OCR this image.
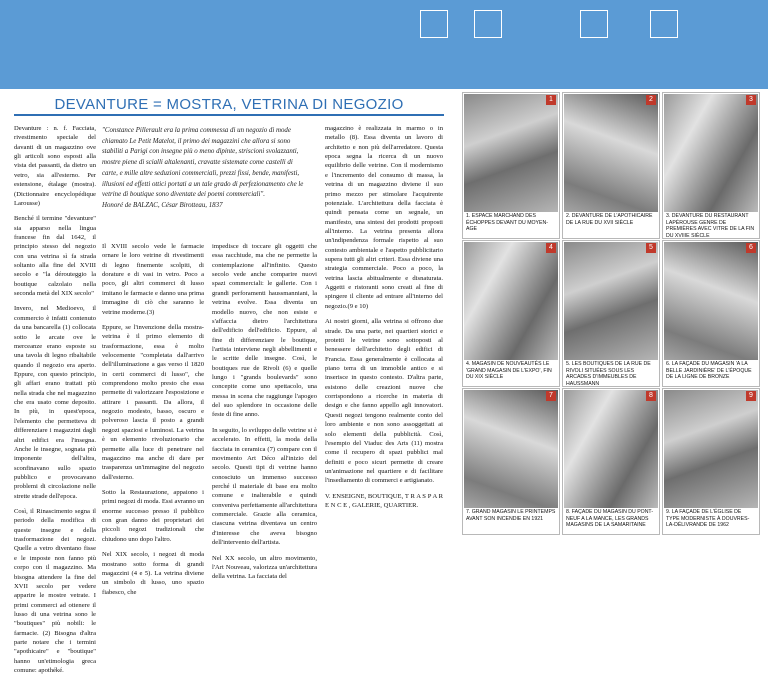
DEVANTURE = MOSTRA, VETRINA DI NEGOZIO

Devanture : n. f. Facciata, rivestimento speciale del davanti di un magazzino ove gli articoli sono esposti alla vista dei passanti, da dietro un vetro, sia all'esterno. Per estensione, étalage (mostra). (Dictionnaire encyclopédique Larousse)

Benché il termine "devanture" sia apparso nella lingua francese fin dal 1642, il principio stesso del negozio con una vetrina sì fa strada soltanto alla fine del XVIII secolo e "la dérouteggio la boutique calzolaio nella seconda metà del XIX secolo"

Invero, nel Medioevo, il commercio è infatti contenuto da una bancarella (1) collocata sotto le arcate ove le merceanze erano esposte su una tavola di legno ribaltabile quando il negozio era aperto. Eppure, con questo principio, gli affari erano trattati più nella strada che nel magazzino che era usato come deposito. In più, in quest'epoca, l'elemento che permetteva di differenziare i magazzini dagli altri edifici era l'insegna. Anche le insegne, sognata più imponente dell'altra, sconfinavano sullo spazio pubblico e provocavano problemi di circolazione nelle strette strade dell'epoca.

Così, il Rinascimento segna il periodo della modifica di queste insegne e della trasformazione dei negozi. Quelle a vetro diventano fisse e le imposte non fanno più corpo con il magazzino. Ma bisogna attendere la fine del XVII secolo per vedere apparire le mostre vetrate. I primi commerci ad ottenere il lusso di una vetrina sono le "boutiques" più nobili: le farmacie. (2) Bisogna d'altra parte notare che i termini "apothicaire" e "boutique" hanno un'etimologia greca comune: apothéké.

"Constance Pillerault era la prima commessa di un negozio di mode chiamato Le Petit Matelot, il primo dei magazzini che allora si sono stabiliti a Parigi con insegne più o meno dipinte, striscioni svolazzanti, mostre piene di scialli altalenanti, cravatte sistemate come castelli di carte, e mille altre seduzioni commerciali, prezzi fissi, bende, manifesti, illusioni ed effetti ottici portati a un tale grado di perfezionamento che le vetrine di boutique sono diventate dei poemi commerciali".
Honoré de BALZAC, César Birotteau, 1837

Il XVIII secolo vede le farmacie ornare le loro vetrine di rivestimenti di legno finemente scolpiti, di dorature e di vasi in vetro. Poco a poco, gli altri commerci di lusso imitano le farmacie e danno una prima immagine di ciò che saranno le vetrine moderne.(3)

Eppure, se l'invenzione della mostra-vetrina è il primo elemento di trasformazione, essa è molto velocemente "completata dall'arrivo dell'illuminazione a gas verso il 1820 in certi commerci di lusso", che comprendono molto presto che essa permette di valorizzare l'esposizione e attirare i passanti. Da allora, il negozio modesto, basso, oscuro e polveroso lascia il posto a grandi negozi spaziosi e luminosi. La vetrina è un elemento rivoluzionario che permette alla luce di penetrare nel magazzino ma anche di dare per trasparenza un'immagine del negozio dall'esterno.

Sotto la Restaurazione, appaiono i primi negozi di moda. Essi avranno un enorme successo presso il pubblico con gran danno dei proprietari dei piccoli negozi tradizionali che chiudono uno dopo l'altro.

Nel XIX secolo, i negozi di moda mostrano sotto forma di grandi magazzini (4 e 5). La vetrina diviene un simbolo di lusso, uno spazio fiabesco, che

impedisce di toccare gli oggetti che essa racchiude, ma che ne permette la contemplazione all'infinito. Questo secolo vede anche comparire nuovi spazi commerciali: le gallerie. Con i grandi perforamenti haussmanniani, la vetrina evolve. Essa diventa un modello nuovo, che non esiste e s'affaccia dietro l'architettura dell'edificio dell'edificio. Eppure, al fine di differenziare le boutique, l'artista interviene negli abbellimenti e le scritte delle insegne. Così, le boutiques rue de Rivoli (6) e quelle lungo i "grands boulevards" sono concepite come uno spettacolo, una messa in scena che raggiunge l'apogeo del suo splendore in occasione delle feste di fine anno.

In seguito, lo sviluppo delle vetrine si è accelerato. In effetti, la moda della facciata in ceramica (7) compare con il movimento Art Déco all'inizio del secolo. Questi tipi di vetrine hanno conosciuto un immenso successo perché il materiale di base era molto comune e inalterabile e quindi conveniva perfettamente all'architettura commerciale. Grazie alla ceramica, ciascuna vetrina diventava un centro d'interesse che aveva bisogno dell'intervento dell'artista.

Nel XX secolo, un altro movimento, l'Art Nouveau, valorizza un'architettura della vetrina. La facciata del

magazzino è realizzata in marmo o in metallo (8). Essa diventa un lavoro di architetto e non più dell'arredatore. Questa epoca segna la ricerca di un nuovo equilibrio delle vetrine. Con il modernismo e l'incremento del consumo di massa, la vetrina di un magazzino diviene il suo primo mezzo per stimolare l'acquirente potenziale. L'architettura della facciata è quindi pensata come un segnale, un manifesto, una sintesi dei prodotti proposti all'interno. La vetrina presenta allora un'indipendenza formale rispetto al suo contesto ambientale e l'aspetto pubblicitario supera tutti gli altri criteri. Essa diviene una strategia commerciale. Poco a poco, la vetrina lascia abitualmente e disnaturata. Aggetti e ristoranti sono creati al fine di spingere il cliente ad entrare all'interno del negozio.(9 e 10)

Ai nostri giorni, alla vetrina si offrono due strade. Da una parte, nei quartieri storici e protetti le vetrine sono sottoposti al benessere dell'architetto degli edifici di Francia. Essa generalmente è collocata al piano terra di un immobile antico e si inserisce in questo contesto. D'altra parte, esistono delle creazioni nuove che corrispondono a ricerche in materia di design e che fanno appello agli innovatori. Questi negozi tengono realmente conto del loro ambiente e non sono assoggettati ai solo elementi della pubblicità. Così, l'esempio del Viaduc des Arts (11) mostra come il recupero di spazi pubblici mal definiti e poco sicuri permette di creare un'animazione nel quartiere e di facilitare l'insediamento di commerci e artigianato.

V. ENSEIGNE, BOUTIQUE, T R A S P A R E N C E , GALERIE, QUARTIER.

1
1. ESPACE MARCHAND DES ÉCHOPPES DEVANT DU MOYEN-AGE
2
2. DEVANTURE DE L'APOTHICAIRE DE LA RUE DU XVII SIÈCLE
3
3. DEVANTURE DU RESTAURANT LAPÉROUSE GENRE DE PREMIÈRES AVEC VITRE DE LA FIN DU XVIIIE SIÈCLE
4
4. MAGASIN DE NOUVEAUTÉS LE 'GRAND MAGASIN DE L'EXPO', FIN DU XIX SIÈCLE
5
5. LES BOUTIQUES DE LA RUE DE RIVOLI SITUÉES SOUS LES ARCADES D'IMMEUBLES DE HAUSSMANN
6
6. LA FAÇADE DU MAGASIN 'A LA BELLE JARDINIÈRE' DE L'ÉPOQUE DE LA LIGNE DE BRONZE
7
7. GRAND MAGASIN LE PRINTEMPS AVANT SON INCENDIE EN 1921
8
8. FAÇADE DU MAGASIN DU PONT-NEUF A LA MANCE, LES GRANDS MAGASINS DE LA SAMARITAINE
9
9. LA FAÇADE DE L'ÉGLISE DE TYPE MODERNISTE À DOUVRES-LA-DÉLIVRANDE DE 1962
